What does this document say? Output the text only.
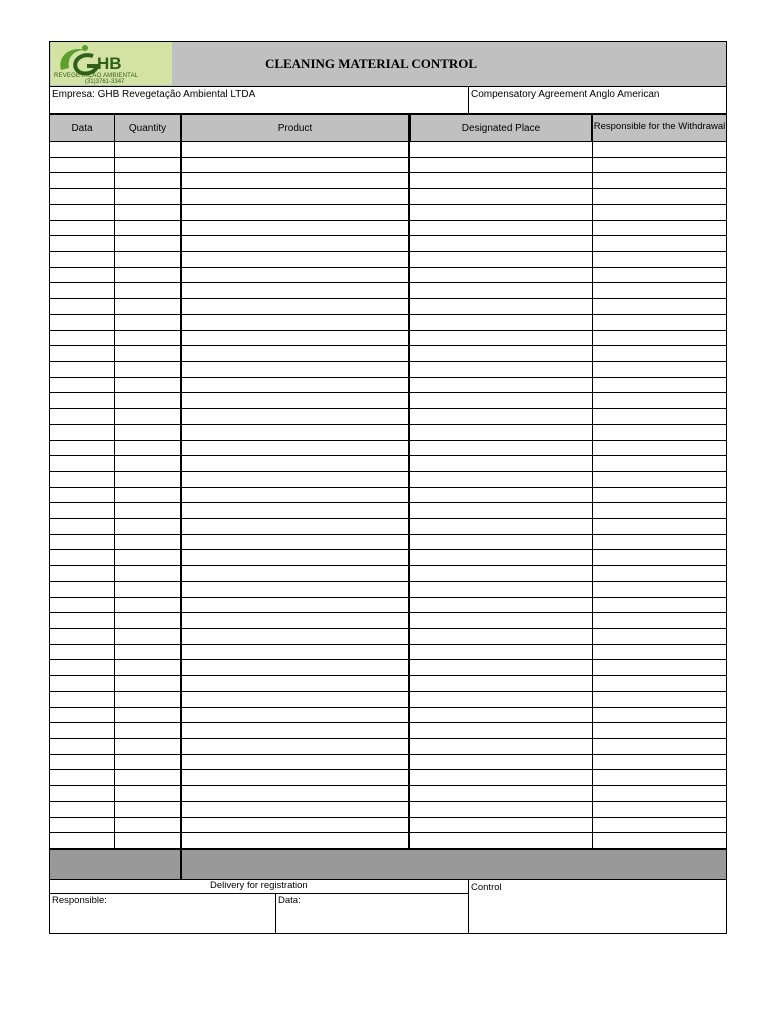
HB
REVEGETAÇÃO AMBIENTAL
(31)3761-3347
CLEANING MATERIAL CONTROL
Empresa: GHB Revegetação Ambiental LTDA	Compensatory Agreement Anglo American
Data	Quantity	Product	Designated Place	Responsible for the Withdrawal
Delivery for registration
Responsible:	Data:
Control
